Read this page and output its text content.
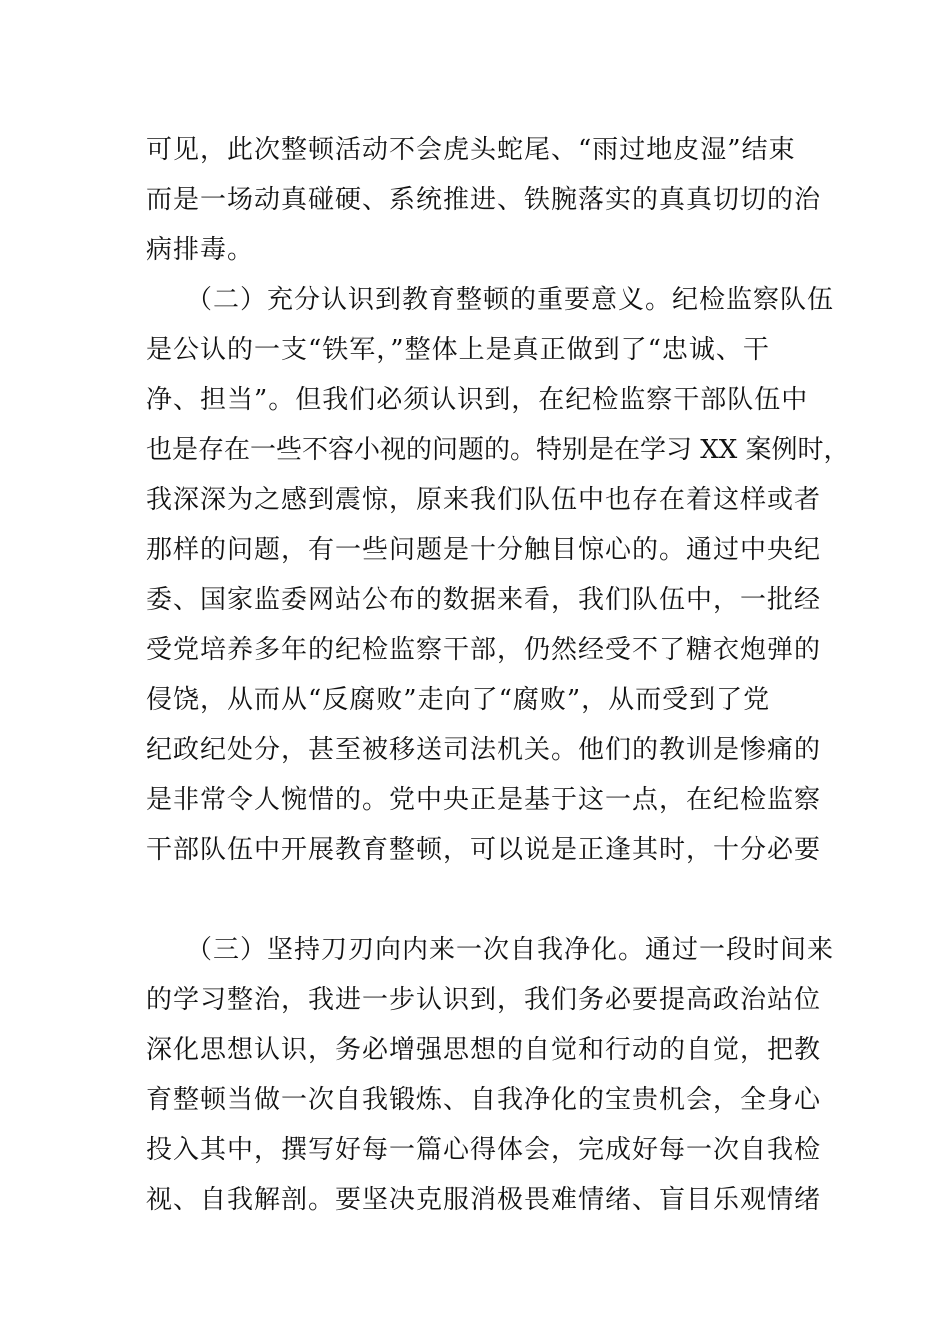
可见，此次整顿活动不会虎头蛇尾、“雨过地皮湿”结束
而是一场动真碰硬、系统推进、铁腕落实的真真切切的治
病排毒。
（二）充分认识到教育整顿的重要意义。纪检监察队伍
是公认的一支“铁军，”整体上是真正做到了“忠诚、干
净、担当”。但我们必须认识到，在纪检监察干部队伍中
也是存在一些不容小视的问题的。特别是在学习 XX 案例时，
我深深为之感到震惊，原来我们队伍中也存在着这样或者
那样的问题，有一些问题是十分触目惊心的。通过中央纪
委、国家监委网站公布的数据来看，我们队伍中，一批经
受党培养多年的纪检监察干部，仍然经受不了糖衣炮弹的
侵饶，从而从“反腐败”走向了“腐败”，从而受到了党
纪政纪处分，甚至被移送司法机关。他们的教训是惨痛的
是非常令人惋惜的。党中央正是基于这一点，在纪检监察
干部队伍中开展教育整顿，可以说是正逢其时，十分必要
（三）坚持刀刃向内来一次自我净化。通过一段时间来
的学习整治，我进一步认识到，我们务必要提高政治站位
深化思想认识，务必增强思想的自觉和行动的自觉，把教
育整顿当做一次自我锻炼、自我净化的宝贵机会，全身心
投入其中，撰写好每一篇心得体会，完成好每一次自我检
视、自我解剖。要坚决克服消极畏难情绪、盲目乐观情绪
